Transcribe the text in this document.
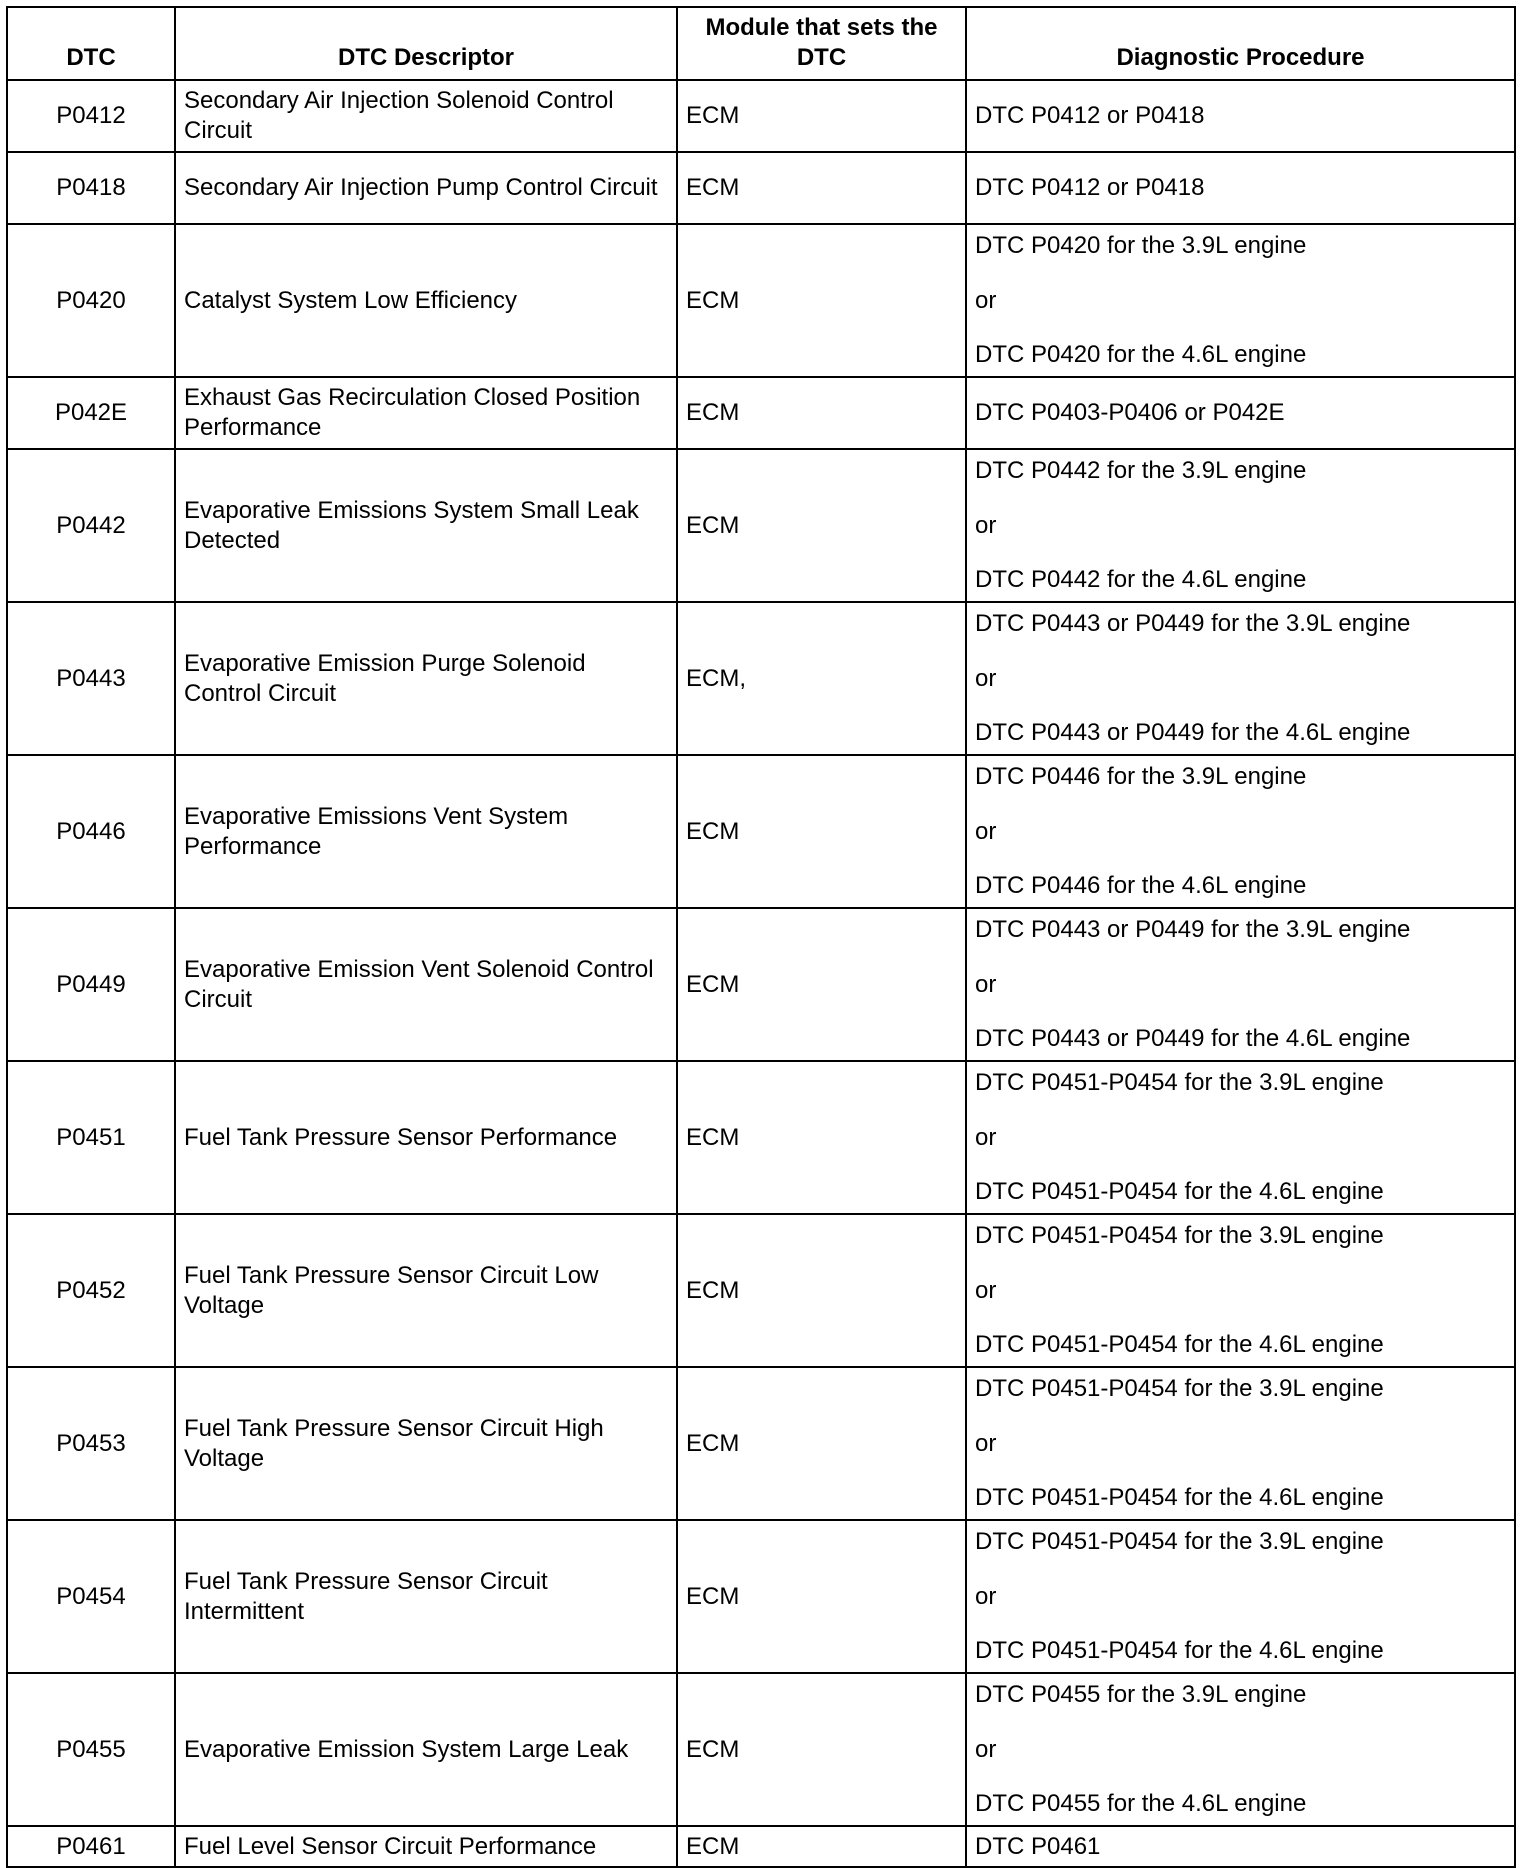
DTC	DTC Descriptor	Module that sets the DTC	Diagnostic Procedure
P0412	Secondary Air Injection Solenoid Control Circuit	ECM	DTC P0412 or P0418

P0418	Secondary Air Injection Pump Control Circuit	ECM	DTC P0412 or P0418

P0420	Catalyst System Low Efficiency	ECM	DTC P0420 for the 3.9L engine
or
DTC P0420 for the 4.6L engine

P042E	Exhaust Gas Recirculation Closed Position Performance	ECM	DTC P0403-P0406 or P042E

P0442	Evaporative Emissions System Small Leak Detected	ECM	DTC P0442 for the 3.9L engine
or
DTC P0442 for the 4.6L engine

P0443	Evaporative Emission Purge Solenoid Control Circuit	ECM,	DTC P0443 or P0449 for the 3.9L engine
or
DTC P0443 or P0449 for the 4.6L engine

P0446	Evaporative Emissions Vent System Performance	ECM	DTC P0446 for the 3.9L engine
or
DTC P0446 for the 4.6L engine

P0449	Evaporative Emission Vent Solenoid Control Circuit	ECM	DTC P0443 or P0449 for the 3.9L engine
or
DTC P0443 or P0449 for the 4.6L engine

P0451	Fuel Tank Pressure Sensor Performance	ECM	DTC P0451-P0454 for the 3.9L engine
or
DTC P0451-P0454 for the 4.6L engine

P0452	Fuel Tank Pressure Sensor Circuit Low Voltage	ECM	DTC P0451-P0454 for the 3.9L engine
or
DTC P0451-P0454 for the 4.6L engine

P0453	Fuel Tank Pressure Sensor Circuit High Voltage	ECM	DTC P0451-P0454 for the 3.9L engine
or
DTC P0451-P0454 for the 4.6L engine

P0454	Fuel Tank Pressure Sensor Circuit Intermittent	ECM	DTC P0451-P0454 for the 3.9L engine
or
DTC P0451-P0454 for the 4.6L engine

P0455	Evaporative Emission System Large Leak	ECM	DTC P0455 for the 3.9L engine
or
DTC P0455 for the 4.6L engine

P0461	Fuel Level Sensor Circuit Performance	ECM	DTC P0461
